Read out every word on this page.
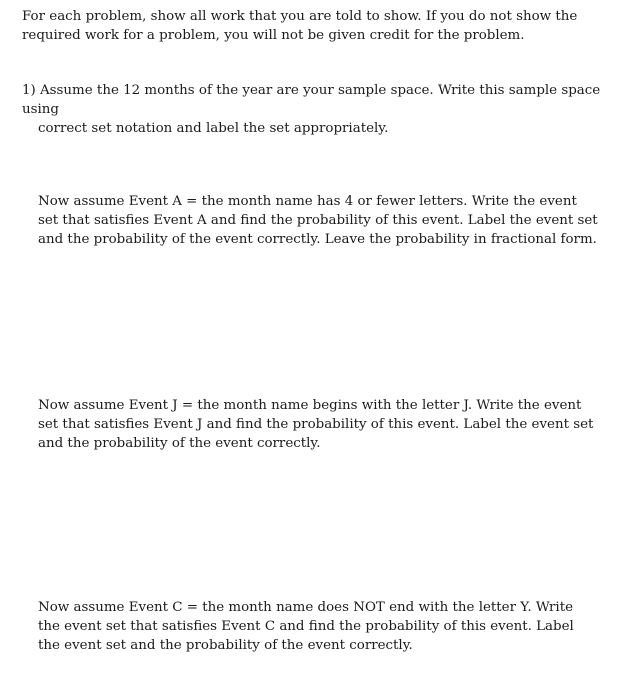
For each problem, show all work that you are told to show. If you do not show the required work for a problem, you will not be given credit for the problem.
1) Assume the 12 months of the year are your sample space. Write this sample space using
correct set notation and label the set appropriately.
Now assume Event A = the month name has 4 or fewer letters. Write the event set that satisfies Event A and find the probability of this event. Label the event set and the probability of the event correctly. Leave the probability in fractional form.
Now assume Event J = the month name begins with the letter J. Write the event set that satisfies Event J and find the probability of this event. Label the event set and the probability of the event correctly.
Now assume Event C = the month name does NOT end with the letter Y. Write the event set that satisfies Event C and find the probability of this event. Label the event set and the probability of the event correctly.
